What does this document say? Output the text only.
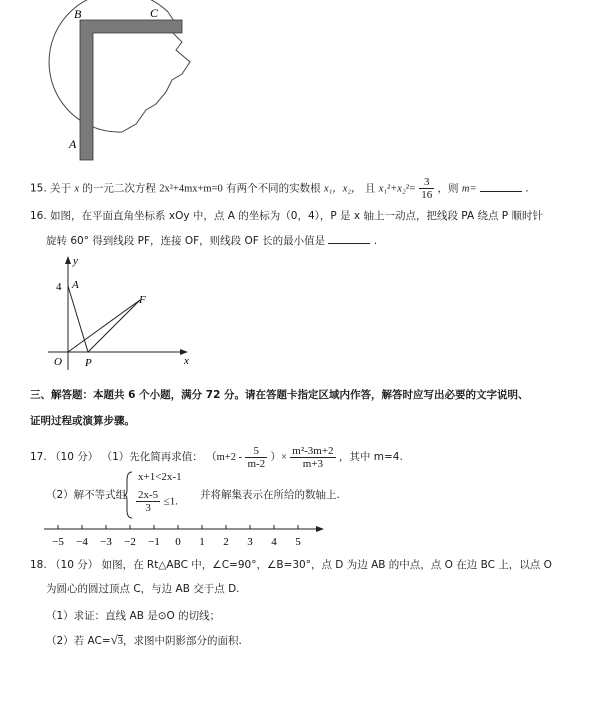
B	C
A
15. 关于 x 的一元二次方程 2x²+4mx+m=0 有两个不同的实数根 x₁，x₂， 且 $x_1^2+x_2^2= \frac{3}{16}$ ，则 m=	.
16. 如图，在平面直角坐标系 xOy 中，点 A 的坐标为（0，4），P 是 x 轴上一动点，把线段 PA 绕点 P 顺时针
旋转 60° 得到线段 PF，连接 OF，则线段 OF 长的最小值是	.
y
x
4 A
O P
F
三、解答题：本题共 6 个小题，满分 72 分。请在答题卡指定区域内作答，解答时应写出必要的文字说明、
证明过程或演算步骤。
17. （10 分） （1）先化简再求值： （$m+2 - \frac{5}{m-2}$ ）× $\frac{\text{m²-3m+2}}{m+3}$ ，其中 m=4.
（2）解不等式组
x+1<2x-1
$\frac{2x-5}{3} \le 1$.
并将解集表示在所给的数轴上.
−5 −4 −3 −2 −1 0 1 2 3 4 5
18. （10 分） 如图，在 Rt△ABC 中，∠C=90°，∠B=30°，点 D 为边 AB 的中点，点 O 在边 BC 上，以点 O
为圆心的圆过顶点 C，与边 AB 交于点 D.
（1）求证：直线 AB 是⊙O 的切线；
（2）若 AC=√3，求图中阴影部分的面积.
